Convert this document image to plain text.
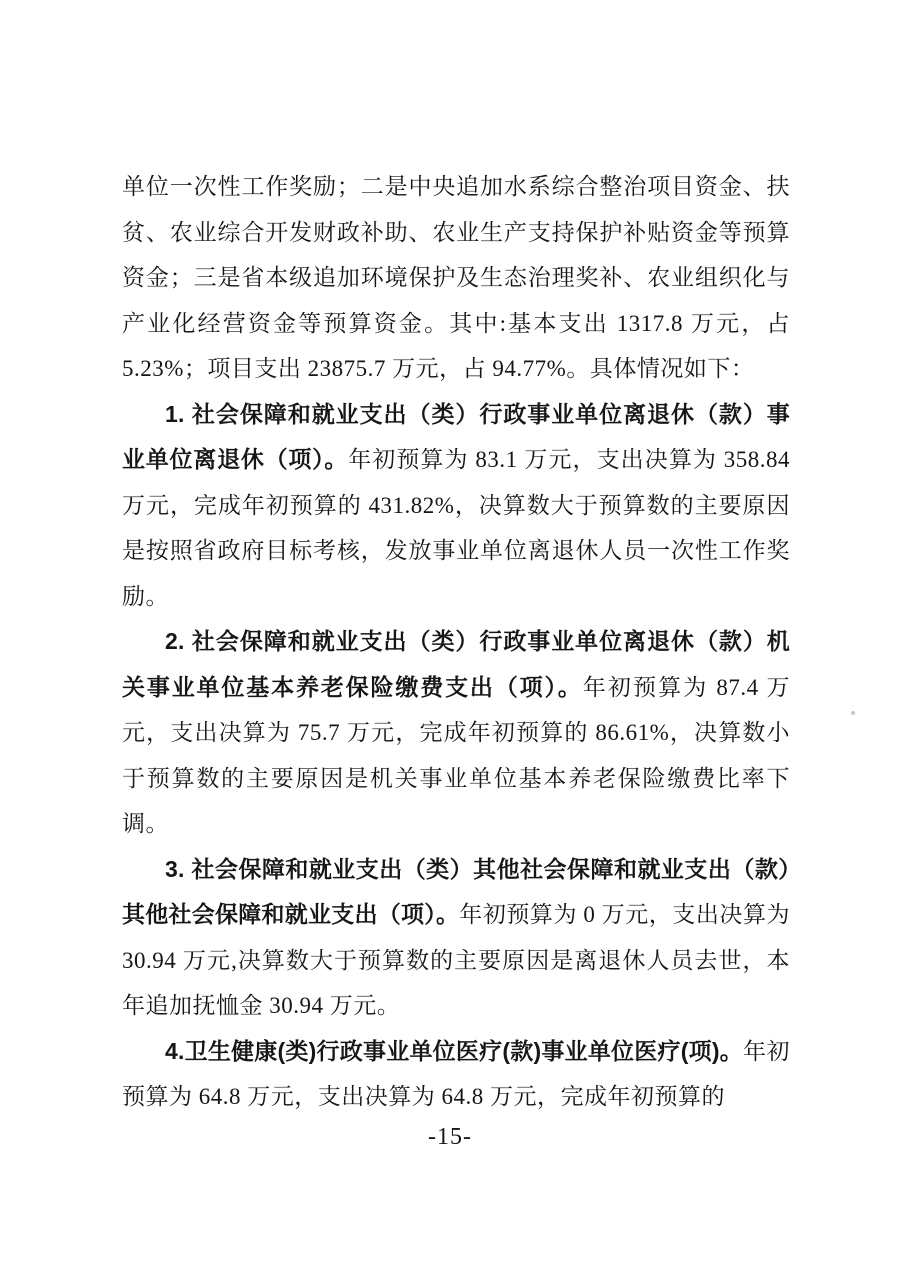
单位一次性工作奖励；二是中央追加水系综合整治项目资金、扶贫、农业综合开发财政补助、农业生产支持保护补贴资金等预算资金；三是省本级追加环境保护及生态治理奖补、农业组织化与产业化经营资金等预算资金。其中:基本支出 1317.8 万元，占5.23%；项目支出 23875.7 万元，占 94.77%。具体情况如下：

1. 社会保障和就业支出（类）行政事业单位离退休（款）事业单位离退休（项）。年初预算为 83.1 万元，支出决算为 358.84 万元，完成年初预算的 431.82%，决算数大于预算数的主要原因是按照省政府目标考核，发放事业单位离退休人员一次性工作奖励。

2. 社会保障和就业支出（类）行政事业单位离退休（款）机关事业单位基本养老保险缴费支出（项）。年初预算为 87.4 万元，支出决算为 75.7 万元，完成年初预算的 86.61%，决算数小于预算数的主要原因是机关事业单位基本养老保险缴费比率下调。

3. 社会保障和就业支出（类）其他社会保障和就业支出（款）其他社会保障和就业支出（项）。年初预算为 0 万元，支出决算为 30.94 万元,决算数大于预算数的主要原因是离退休人员去世，本年追加抚恤金 30.94 万元。

4.卫生健康(类)行政事业单位医疗(款)事业单位医疗(项)。年初预算为 64.8 万元，支出决算为 64.8 万元，完成年初预算的

-15-
